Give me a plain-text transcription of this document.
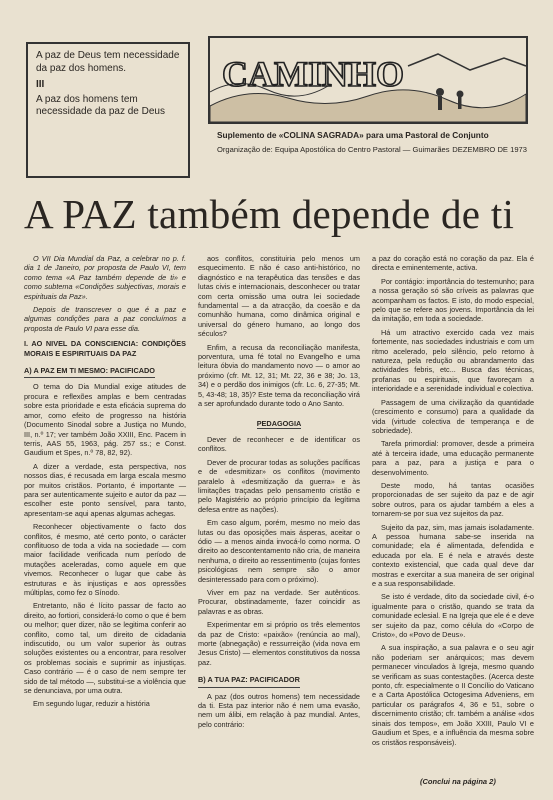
A paz de Deus tem necessidade da paz dos homens.

III

A paz dos homens tem necessidade da paz de Deus

CAMINHO
Suplemento de «COLINA SAGRADA» para uma Pastoral de Conjunto
Organização de: Equipa Apostólica do Centro Pastoral — Guimarães DEZEMBRO DE 1973
A PAZ também depende de ti

O VII Dia Mundial da Paz, a celebrar no p. f. dia 1 de Janeiro, por proposta de Paulo VI, tem como tema «A Paz também depende de ti» e como subtema «Condições subjectivas, morais e espirituais da Paz».

Depois de transcrever o que é a paz e algumas condições para a paz concluímos a proposta de Paulo VI para esse dia.

I. AO NIVEL DA CONSCIENCIA: CONDIÇÕES MORAIS E ESPIRITUAIS DA PAZ
A) A PAZ EM TI MESMO: PACIFICADO

O tema do Dia Mundial exige atitudes de procura e reflexões amplas e bem centradas sobre esta prioridade e esta eficácia suprema do amor, como efeito de progresso na história (Documento Sinodal sobre a Justiça no Mundo, III, n.º 17; ver também João XXIII, Enc. Pacem in terris, AAS 55, 1963, pág. 257 ss.; e Const. Gaudium et Spes, n.º 78, 82, 92).

A dizer a verdade, esta perspectiva, nos nossos dias, é recusada em larga escala mesmo por muitos cristãos. Portanto, é importante — para ser autenticamente sujeito e autor da paz — escolher este ponto sensível, para tanto, apresentam-se aqui apenas algumas achegas.

Reconhecer objectivamente o facto dos conflitos, é mesmo, até certo ponto, o carácter conflituoso de toda a vida na sociedade — com maior facilidade verificada num período de mutações aceleradas, como aquele em que vivemos. Reconhecer o lugar que cabe às estruturas e às injustiças e aos opressões múltiplas, como fez o Sínodo.

Entretanto, não é lícito passar de facto ao direito, ao fortiori, considerá-lo como o que é bem ou melhor; quer dizer, não se legitima conferir ao conflito, como tal, um direito de cidadania indiscutido, ou um valor superior às outras soluções existentes ou a encontrar, para resolver os problemas sociais e suprimir as injustiças. Caso contrário — é o caso de nem sempre ter sido de tal método —, substitui-se a violência que se denunciava, por uma outra.

Em segundo lugar, reduzir a história

aos conflitos, constituiria pelo menos um esquecimento. E não é caso anti-histórico, no diagnóstico e na terapêutica das tensões e das lutas civis e internacionais, desconhecer ou tratar com certa omissão uma outra lei sociedade fundamental — a da atracção, da coesão e da comunhão humana, como dinâmica original e universal do género humano, ao longo dos séculos?

Enfim, a recusa da reconciliação manifesta, porventura, uma fé total no Evangelho e uma leitura óbvia do mandamento novo — o amor ao próximo (cfr. Mt. 12, 31; Mt. 22, 36 e 38; Jo. 13, 34) e o perdão dos inimigos (cfr. Lc. 6, 27-35; Mt. 5, 43-48; 18, 35)? Este tema da reconciliação virá a ser aprofundado durante todo o Ano Santo.

PEDAGOGIA

Dever de reconhecer e de identificar os conflitos.

Dever de procurar todas as soluções pacíficas e de «desmitizar» os conflitos (movimento paralelo à «desmitização da guerra» e às limitações traçadas pelo pensamento cristão e pelo Magistério ao próprio princípio da legítima defesa entre as nações).

Em caso algum, porém, mesmo no meio das lutas ou das oposições mais ásperas, aceitar o ódio — a menos ainda invocá-lo como norma. O direito ao descontentamento não cria, de maneira nenhuma, o direito ao ressentimento (cujas fontes psicológicas nem sempre são o amor desinteressado para com o próximo).

Viver em paz na verdade. Ser autênticos. Procurar, obstinadamente, fazer coincidir as palavras e as obras.

Experimentar em si próprio os três elementos da paz de Cristo: «paixão» (renúncia ao mal), morte (abnegação) e ressurreição (vida nova em Jesus Cristo) — elementos constitutivos da nossa paz.

B) A TUA PAZ: PACIFICADOR

A paz (dos outros homens) tem necessidade da ti. Esta paz interior não é nem uma evasão, nem um álibi, em relação à paz mundial. Antes, pelo contrário:

a paz do coração está no coração da paz. Ela é directa e eminentemente, activa.

Por contágio: importância do testemunho; para a nossa geração só são críveis as palavras que acompanham os factos. E isto, do modo especial, pelo que se refere aos jovens. Importância da lei da imitação, em toda a sociedade.

Há um atractivo exercido cada vez mais fortemente, nas sociedades industriais e com um ritmo acelerado, pelo silêncio, pelo retorno à natureza, pela redução ou abrandamento das actividades febris, etc... Busca das técnicas, profanas ou espirituais, que favoreçam a interioridade e a serenidade individual e colectiva.

Passagem de uma civilização da quantidade (crescimento e consumo) para a qualidade da vida (virtude colectiva de temperança e de sobriedade).

Tarefa primordial: promover, desde a primeira até à terceira idade, uma educação permanente para a paz, para a justiça e para o desenvolvimento.

Deste modo, há tantas ocasiões proporcionadas de ser sujeito da paz e de agir sobre outros, para os ajudar também a eles a tornarem-se por sua vez sujeitos da paz.

Sujeito da paz, sim, mas jamais isoladamente. A pessoa humana sabe-se inserida na comunidade; ela é alimentada, defendida e educada por ela. E é nela e através deste contexto existencial, que cada qual deve dar mostras e exercitar a sua maneira de ser original e a sua responsabilidade.

Se isto é verdade, dito da sociedade civil, é-o igualmente para o cristão, quando se trata da comunidade eclesial. E na Igreja que ele é e deve ser sujeito da paz, como célula do «Corpo de Cristo», do «Povo de Deus».

A sua inspiração, a sua palavra e o seu agir não poderiam ser anárquicos; mas devem permanecer vinculados à Igreja, mesmo quando se verificam as suas contestações. (Acerca deste ponto, cfr. especialmente o II Concílio do Vaticano e a Carta Apostólica Octogesima Adveniens, em particular os parágrafos 4, 36 e 51, sobre o discernimento cristão; cfr. também a análise «dos sinais dos tempos», em João XXIII, Paulo VI e Gaudium et Spes, e a influência da mesma sobre os cristãos responsáveis).

(Conclui na página 2)
